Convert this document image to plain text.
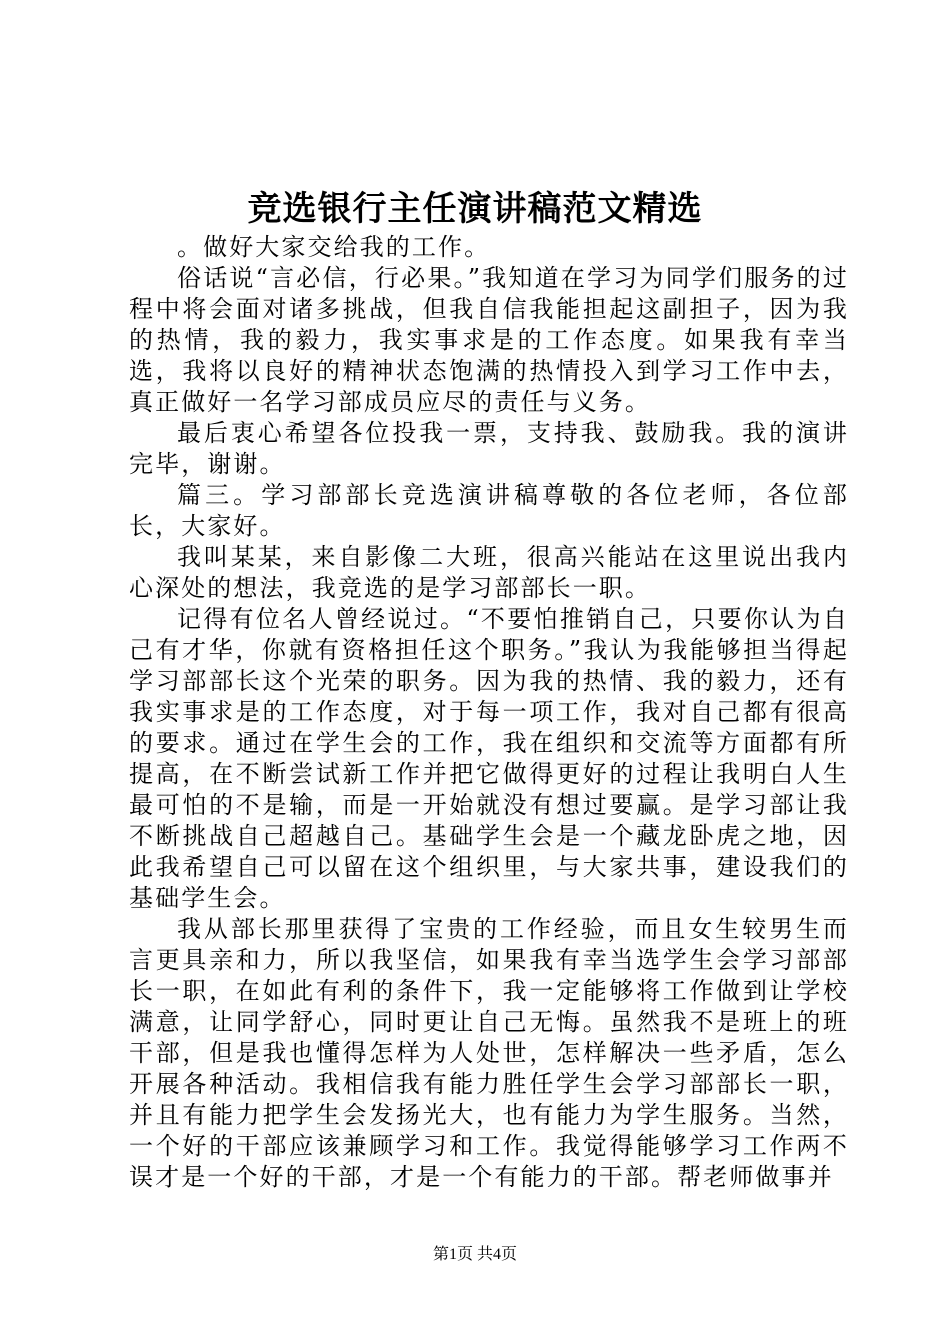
竞选银行主任演讲稿范文精选

。做好大家交给我的工作。

俗话说“言必信，行必果。”我知道在学习为同学们服务的过程中将会面对诸多挑战，但我自信我能担起这副担子，因为我的热情，我的毅力，我实事求是的工作态度。如果我有幸当选，我将以良好的精神状态饱满的热情投入到学习工作中去，真正做好一名学习部成员应尽的责任与义务。

最后衷心希望各位投我一票，支持我、鼓励我。我的演讲完毕，谢谢。

篇三。学习部部长竞选演讲稿尊敬的各位老师，各位部长，大家好。

我叫某某，来自影像二大班，很高兴能站在这里说出我内心深处的想法，我竞选的是学习部部长一职。

记得有位名人曾经说过。“不要怕推销自己，只要你认为自己有才华，你就有资格担任这个职务。”我认为我能够担当得起学习部部长这个光荣的职务。因为我的热情、我的毅力，还有我实事求是的工作态度，对于每一项工作，我对自己都有很高的要求。通过在学生会的工作，我在组织和交流等方面都有所提高，在不断尝试新工作并把它做得更好的过程让我明白人生最可怕的不是输，而是一开始就没有想过要赢。是学习部让我不断挑战自己超越自己。基础学生会是一个藏龙卧虎之地，因此我希望自己可以留在这个组织里，与大家共事，建设我们的基础学生会。

我从部长那里获得了宝贵的工作经验，而且女生较男生而言更具亲和力，所以我坚信，如果我有幸当选学生会学习部部长一职，在如此有利的条件下，我一定能够将工作做到让学校满意，让同学舒心，同时更让自己无悔。虽然我不是班上的班干部，但是我也懂得怎样为人处世，怎样解决一些矛盾，怎么开展各种活动。我相信我有能力胜任学生会学习部部长一职，并且有能力把学生会发扬光大，也有能力为学生服务。当然，一个好的干部应该兼顾学习和工作。我觉得能够学习工作两不误才是一个好的干部，才是一个有能力的干部。帮老师做事并

第1页 共4页
